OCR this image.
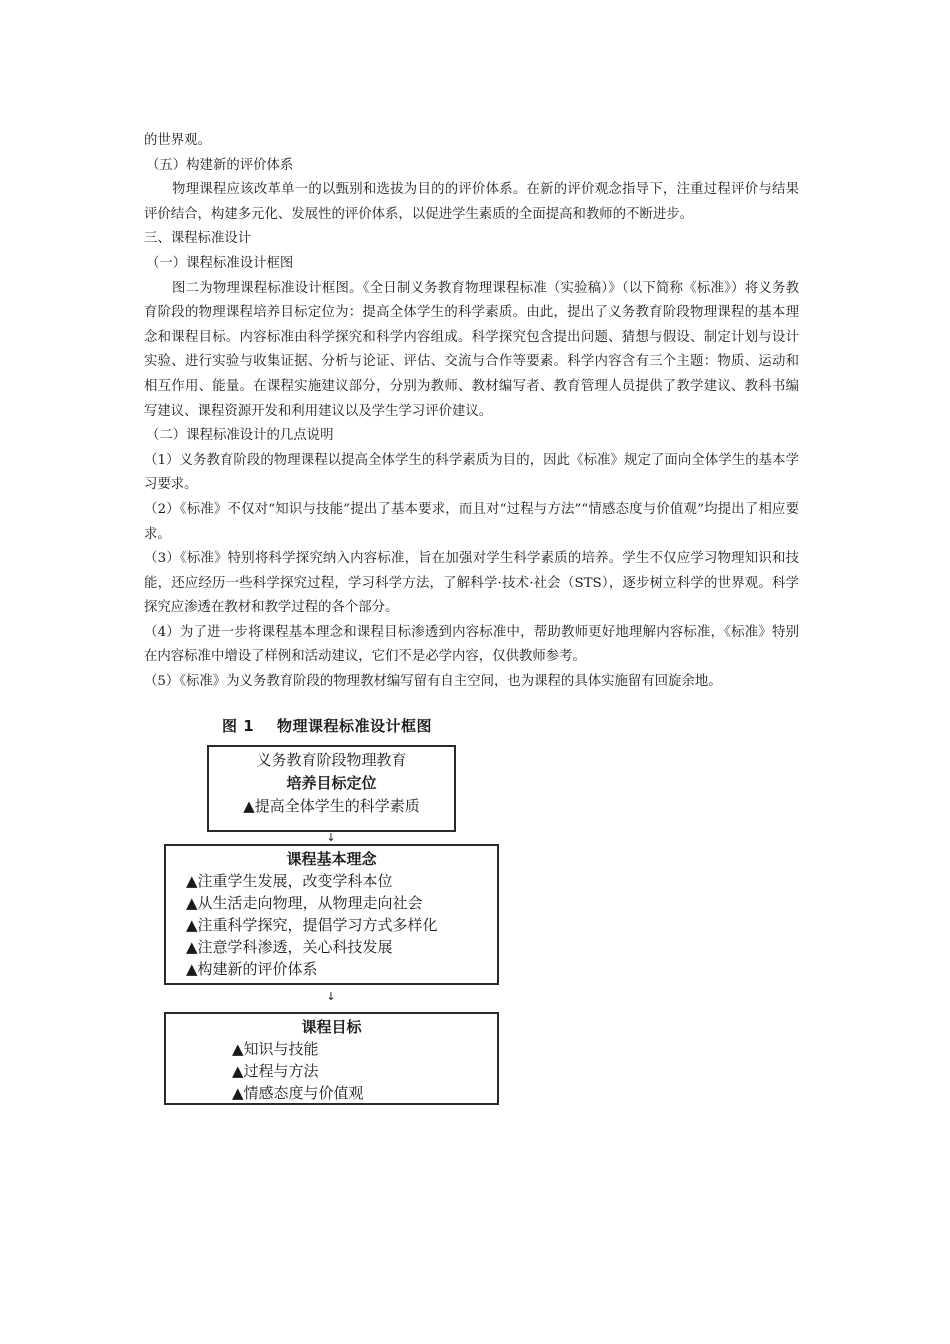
的世界观。

（五）构建新的评价体系

物理课程应该改革单一的以甄别和选拔为目的的评价体系。在新的评价观念指导下，注重过程评价与结果评价结合，构建多元化、发展性的评价体系，以促进学生素质的全面提高和教师的不断进步。

三、课程标准设计

（一）课程标准设计框图

图二为物理课程标准设计框图。《全日制义务教育物理课程标准（实验稿）》（以下简称《标准》）将义务教育阶段的物理课程培养目标定位为：提高全体学生的科学素质。由此，提出了义务教育阶段物理课程的基本理念和课程目标。内容标准由科学探究和科学内容组成。科学探究包含提出问题、猜想与假设、制定计划与设计实验、进行实验与收集证据、分析与论证、评估、交流与合作等要素。科学内容含有三个主题：物质、运动和相互作用、能量。在课程实施建议部分，分别为教师、教材编写者、教育管理人员提供了教学建议、教科书编写建议、课程资源开发和利用建议以及学生学习评价建议。

（二）课程标准设计的几点说明

（1）义务教育阶段的物理课程以提高全体学生的科学素质为目的，因此《标准》规定了面向全体学生的基本学习要求。

（2）《标准》不仅对“知识与技能”提出了基本要求，而且对“过程与方法”“情感态度与价值观”均提出了相应要求。

（3）《标准》特别将科学探究纳入内容标准，旨在加强对学生科学素质的培养。学生不仅应学习物理知识和技能，还应经历一些科学探究过程，学习科学方法，了解科学·技术·社会（STS），逐步树立科学的世界观。科学探究应渗透在教材和教学过程的各个部分。

（4）为了进一步将课程基本理念和课程目标渗透到内容标准中，帮助教师更好地理解内容标准，《标准》特别在内容标准中增设了样例和活动建议，它们不是必学内容，仅供教师参考。

（5）《标准》为义务教育阶段的物理教材编写留有自主空间，也为课程的具体实施留有回旋余地。

图 1    物理课程标准设计框图
义务教育阶段物理教育
培养目标定位
▲提高全体学生的科学素质
↓
课程基本理念
▲注重学生发展，改变学科本位
▲从生活走向物理，从物理走向社会
▲注重科学探究，提倡学习方式多样化
▲注意学科渗透，关心科技发展
▲构建新的评价体系
↓
课程目标
▲知识与技能
▲过程与方法
▲情感态度与价值观
